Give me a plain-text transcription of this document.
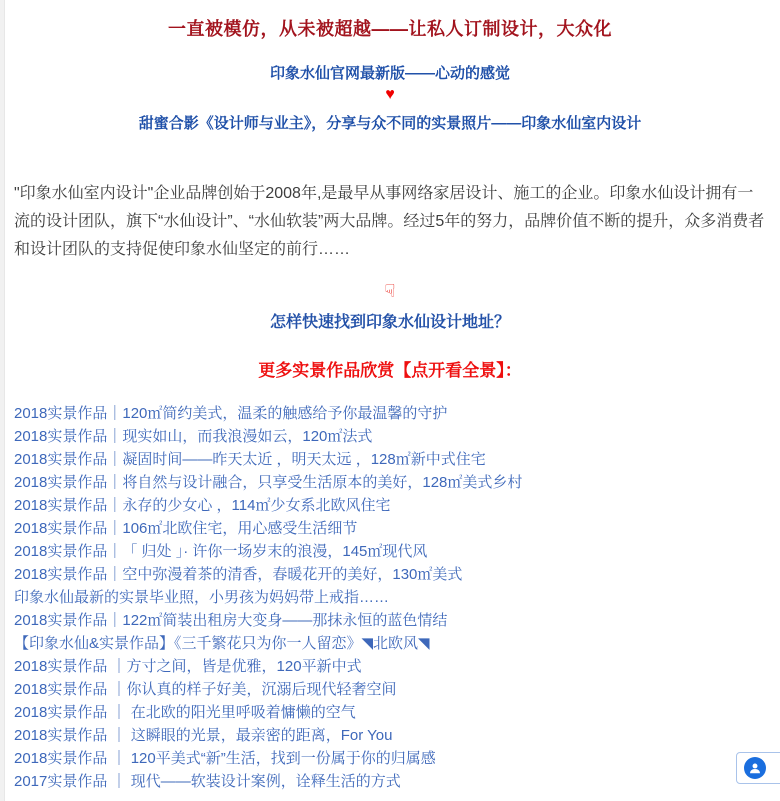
一直被模仿，从未被超越——让私人订制设计，大众化
印象水仙官网最新版——心动的感觉
♥
甜蜜合影《设计师与业主》，分享与众不同的实景照片——印象水仙室内设计

"印象水仙室内设计"企业品牌创始于2008年,是最早从事网络家居设计、施工的企业。印象水仙设计拥有一流的设计团队，旗下“水仙设计”、“水仙软装”两大品牌。经过5年的努力，品牌价值不断的提升，众多消费者和设计团队的支持促使印象水仙坚定的前行……

☟
怎样快速找到印象水仙设计地址？
更多实景作品欣赏【点开看全景】：
2018实景作品｜120㎡简约美式，温柔的触感给予你最温馨的守护
2018实景作品｜现实如山，而我浪漫如云，120㎡法式
2018实景作品｜凝固时间——昨天太近 ，明天太远 ，128㎡新中式住宅
2018实景作品｜将自然与设计融合，只享受生活原本的美好，128㎡美式乡村
2018实景作品｜永存的少女心 ，114㎡少女系北欧风住宅
2018实景作品｜106㎡北欧住宅，用心感受生活细节
2018实景作品｜「 归处 」· 许你一场岁末的浪漫，145㎡现代风
2018实景作品｜空中弥漫着茶的清香，春暖花开的美好，130㎡美式
印象水仙最新的实景毕业照，小男孩为妈妈带上戒指……
2018实景作品｜122㎡简装出租房大变身——那抹永恒的蓝色情结
【印象水仙&实景作品】《三千繁花只为你一人留恋》◥北欧风◥
2018实景作品 ｜方寸之间，皆是优雅，120平新中式
2018实景作品 ｜你认真的样子好美，沉溺后现代轻奢空间
2018实景作品 ｜ 在北欧的阳光里呼吸着慵懒的空气
2018实景作品 ｜ 这瞬眼的光景，最亲密的距离，For You
2018实景作品 ｜ 120平美式“新”生活，找到一份属于你的归属感
2017实景作品 ｜ 现代——软装设计案例，诠释生活的方式
